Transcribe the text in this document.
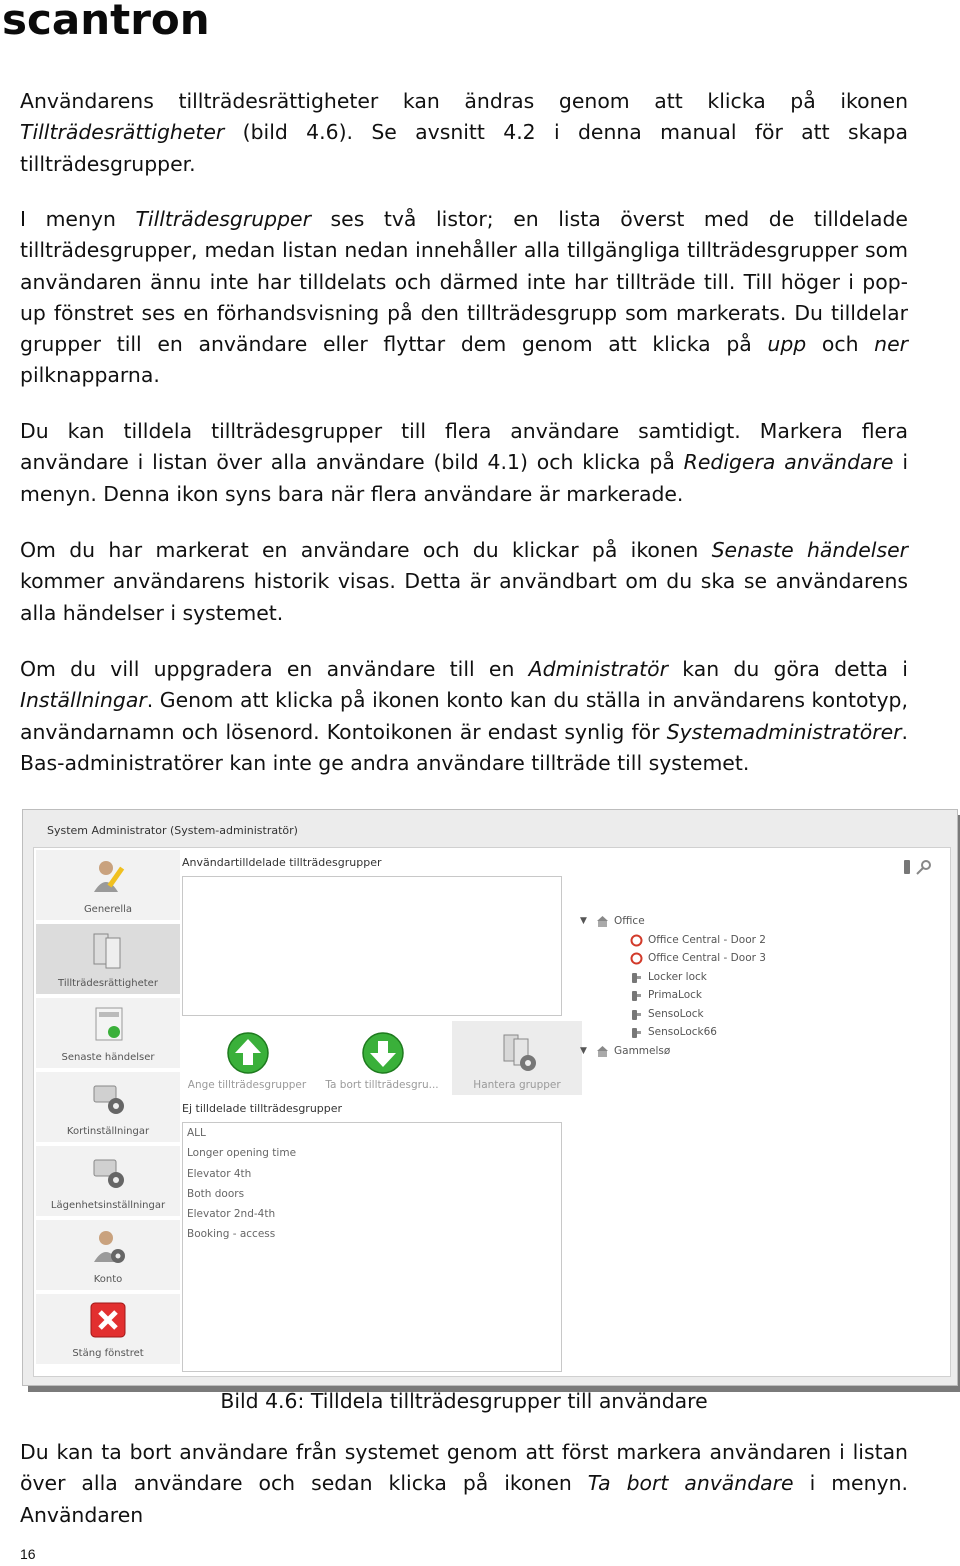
scantron
Användarens tillträdesrättigheter kan ändras genom att klicka på ikonen Tillträdesrättigheter (bild 4.6). Se avsnitt 4.2 i denna manual för att skapa tillträdesgrupper.
I menyn Tillträdesgrupper ses två listor; en lista överst med de tilldelade tillträdesgrupper, medan listan nedan innehåller alla tillgängliga tillträdesgrupper som användaren ännu inte har tilldelats och därmed inte har tillträde till. Till höger i pop-up fönstret ses en förhandsvisning på den tillträdesgrupp som markerats. Du tilldelar grupper till en användare eller flyttar dem genom att klicka på upp och ner pilknapparna.
Du kan tilldela tillträdesgrupper till flera användare samtidigt. Markera flera användare i listan över alla användare (bild 4.1) och klicka på Redigera användare i menyn. Denna ikon syns bara när flera användare är markerade.
Om du har markerat en användare och du klickar på ikonen Senaste händelser kommer användarens historik visas. Detta är användbart om du ska se användarens alla händelser i systemet.
Om du vill uppgradera en användare till en Administratör kan du göra detta i Inställningar. Genom att klicka på ikonen konto kan du ställa in användarens kontotyp, användarnamn och lösenord. Kontoikonen är endast synlig för Systemadministratörer. Bas-administratörer kan inte ge andra användare tillträde till systemet.
System Administrator (System-administratör)
Generella
Tillträdesrättigheter
Senaste händelser
Kortinställningar
Lägenhetsinställningar
Konto
Stäng fönstret
Användartilldelade tillträdesgrupper
Ange tillträdesgrupper	Ta bort tillträdesgru...	Hantera grupper
Ej tilldelade tillträdesgrupper
ALL
Longer opening time
Elevator 4th
Both doors
Elevator 2nd-4th
Booking - access
▼	Office
Office Central - Door 2
Office Central - Door 3
Locker lock
PrimaLock
SensoLock
SensoLock66
▼	Gammelsø
Bild 4.6: Tilldela tillträdesgrupper till användare
Du kan ta bort användare från systemet genom att först markera användaren i listan över alla användare och sedan klicka på ikonen Ta bort användare i menyn. Användaren
16
